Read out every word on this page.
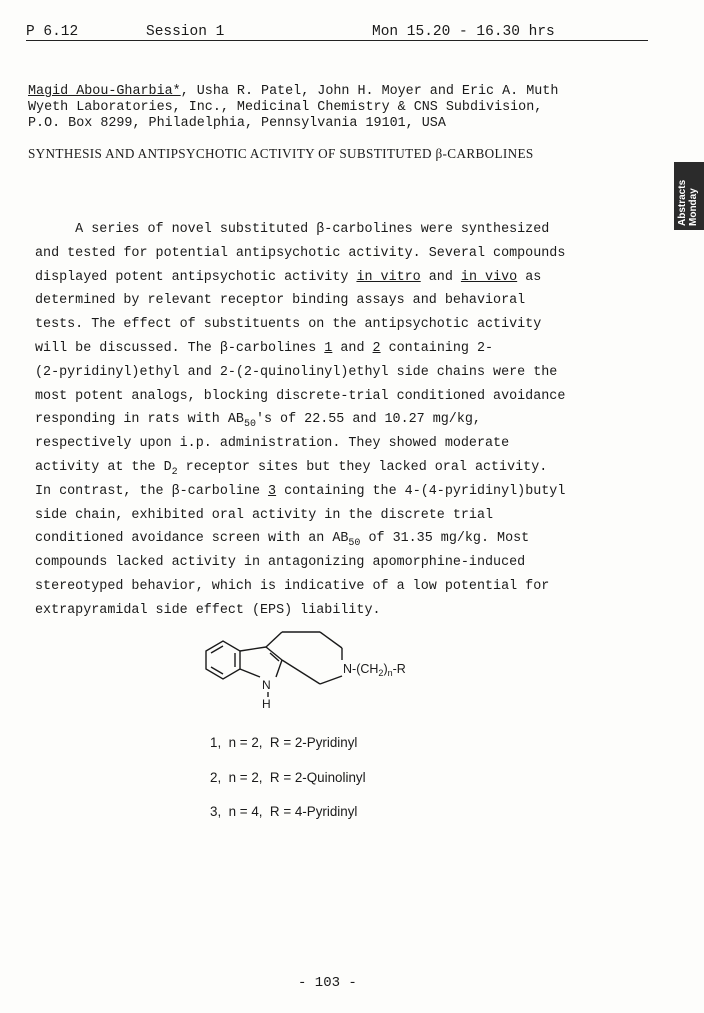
P 6.12	Session 1	Mon 15.20 - 16.30 hrs
Abstracts Monday
Magid Abou-Gharbia*, Usha R. Patel, John H. Moyer and Eric A. Muth
Wyeth Laboratories, Inc., Medicinal Chemistry & CNS Subdivision,
P.O. Box 8299, Philadelphia, Pennsylvania 19101, USA
SYNTHESIS AND ANTIPSYCHOTIC ACTIVITY OF SUBSTITUTED β-CARBOLINES
A series of novel substituted β-carbolines were synthesized
and tested for potential antipsychotic activity. Several compounds
displayed potent antipsychotic activity in vitro and in vivo as
determined by relevant receptor binding assays and behavioral
tests. The effect of substituents on the antipsychotic activity
will be discussed. The β-carbolines 1 and 2 containing 2-
(2-pyridinyl)ethyl and 2-(2-quinolinyl)ethyl side chains were the
most potent analogs, blocking discrete-trial conditioned avoidance
responding in rats with $AB_{50}'s$ of 22.55 and 10.27 mg/kg,
respectively upon i.p. administration. They showed moderate
activity at the $D_2$ receptor sites but they lacked oral activity.
In contrast, the β-carboline 3 containing the 4-(4-pyridinyl)butyl
side chain, exhibited oral activity in the discrete trial
conditioned avoidance screen with an $AB_{50}$ of 31.35 mg/kg. Most
compounds lacked activity in antagonizing apomorphine-induced
stereotyped behavior, which is indicative of a low potential for
extrapyramidal side effect (EPS) liability.
N
H
$N-(CH_2)_n-R$
1,  n = 2,  R = 2-Pyridinyl
2,  n = 2,  R = 2-Quinolinyl
3,  n = 4,  R = 4-Pyridinyl
- 103 -
